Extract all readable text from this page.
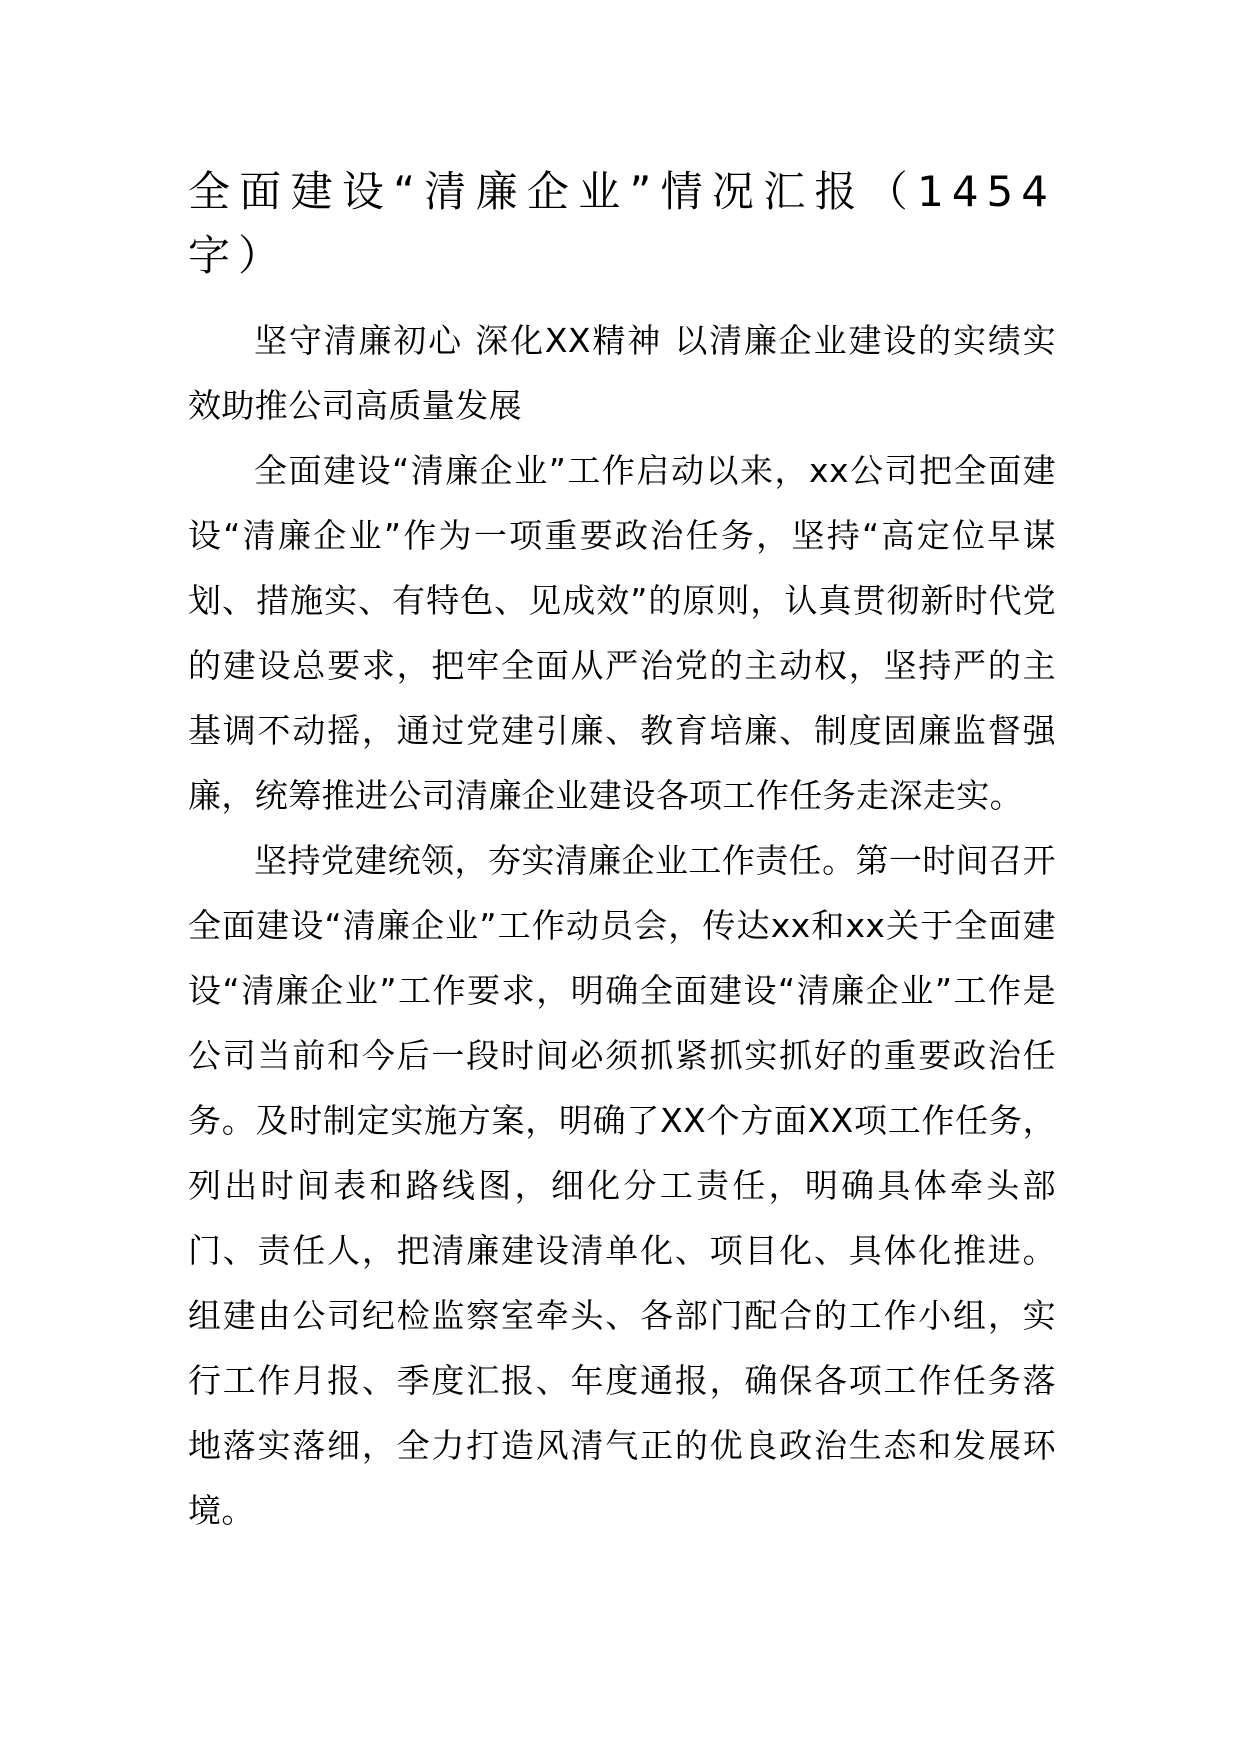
全面建设“清廉企业”情况汇报（1454字）

坚守清廉初心 深化XX精神 以清廉企业建设的实绩实效助推公司高质量发展

全面建设“清廉企业”工作启动以来，xx公司把全面建设“清廉企业”作为一项重要政治任务，坚持“高定位早谋划、措施实、有特色、见成效”的原则，认真贯彻新时代党的建设总要求，把牢全面从严治党的主动权，坚持严的主基调不动摇，通过党建引廉、教育培廉、制度固廉监督强廉，统筹推进公司清廉企业建设各项工作任务走深走实。

坚持党建统领，夯实清廉企业工作责任。第一时间召开全面建设“清廉企业”工作动员会，传达xx和xx关于全面建设“清廉企业”工作要求，明确全面建设“清廉企业”工作是公司当前和今后一段时间必须抓紧抓实抓好的重要政治任务。及时制定实施方案，明确了XX个方面XX项工作任务，列出时间表和路线图，细化分工责任，明确具体牵头部门、责任人，把清廉建设清单化、项目化、具体化推进。组建由公司纪检监察室牵头、各部门配合的工作小组，实行工作月报、季度汇报、年度通报，确保各项工作任务落地落实落细，全力打造风清气正的优良政治生态和发展环境。
